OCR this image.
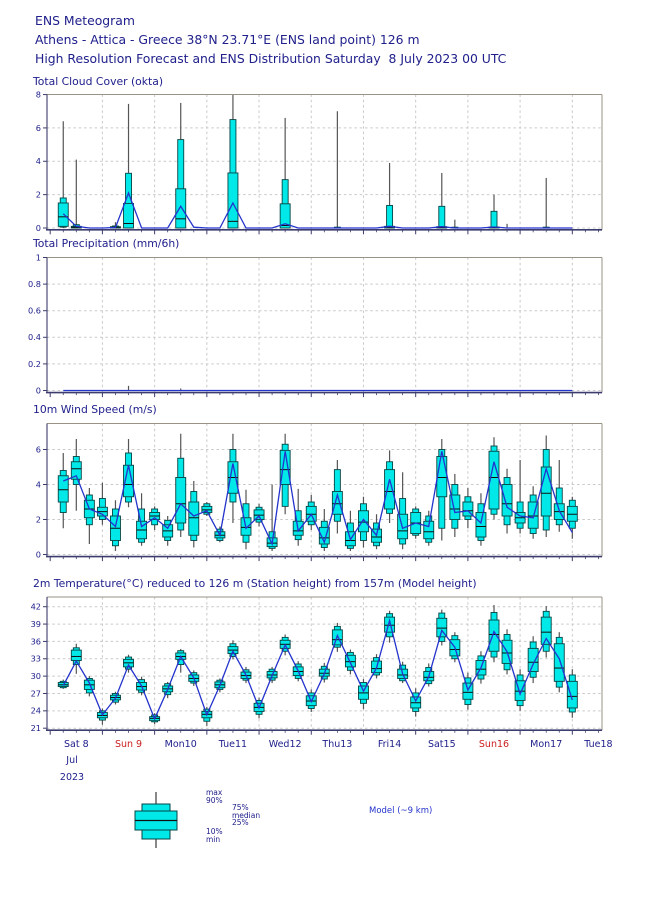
ENS Meteogram
Athens - Attica - Greece 38°N 23.71°E (ENS land point) 126 m
High Resolution Forecast and ENS Distribution Saturday  8 July 2023 00 UTC
0
2
4
6
8
0
0.2
0.4
0.6
0.8
1
0
2
4
6
21
24
27
30
33
36
39
42
Sat 8	Sun 9 Mon10 Tue11 Wed12 Thu13	Fri14	Sat15 Sun16 Mon17 Tue18
Total Cloud Cover (okta)
Total Precipitation (mm/6h)
10m Wind Speed (m/s)
2m Temperature(°C) reduced to 126 m (Station height) from 157m (Model height)
Jul
2023
max
90%
75%
median
25%
10%
min
Model (~9 km)
